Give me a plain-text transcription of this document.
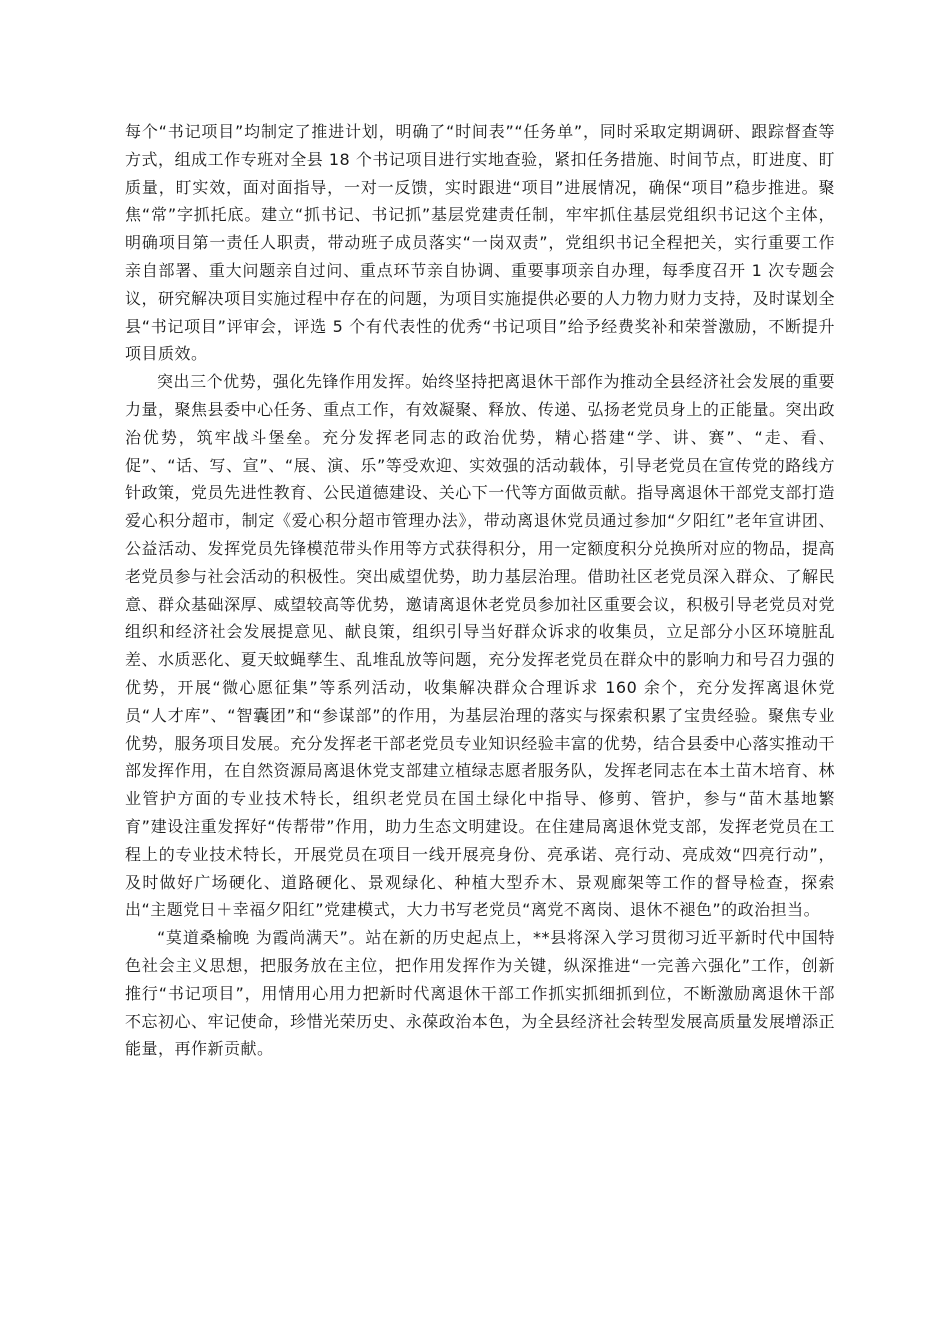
每个“书记项目”均制定了推进计划，明确了“时间表”“任务单”，同时采取定期调研、跟踪督查等方式，组成工作专班对全县 18 个书记项目进行实地查验，紧扣任务措施、时间节点，盯进度、盯质量，盯实效，面对面指导，一对一反馈，实时跟进“项目”进展情况，确保“项目”稳步推进。聚焦“常”字抓托底。建立“抓书记、书记抓”基层党建责任制，牢牢抓住基层党组织书记这个主体，明确项目第一责任人职责，带动班子成员落实“一岗双责”，党组织书记全程把关，实行重要工作亲自部署、重大问题亲自过问、重点环节亲自协调、重要事项亲自办理，每季度召开 1 次专题会议，研究解决项目实施过程中存在的问题，为项目实施提供必要的人力物力财力支持，及时谋划全县“书记项目”评审会，评选 5 个有代表性的优秀“书记项目”给予经费奖补和荣誉激励，不断提升项目质效。

突出三个优势，强化先锋作用发挥。始终坚持把离退休干部作为推动全县经济社会发展的重要力量，聚焦县委中心任务、重点工作，有效凝聚、释放、传递、弘扬老党员身上的正能量。突出政治优势，筑牢战斗堡垒。充分发挥老同志的政治优势，精心搭建“学、讲、赛”、“走、看、促”、“话、写、宣”、“展、演、乐”等受欢迎、实效强的活动载体，引导老党员在宣传党的路线方针政策，党员先进性教育、公民道德建设、关心下一代等方面做贡献。指导离退休干部党支部打造爱心积分超市，制定《爱心积分超市管理办法》，带动离退休党员通过参加“夕阳红”老年宣讲团、公益活动、发挥党员先锋模范带头作用等方式获得积分，用一定额度积分兑换所对应的物品，提高老党员参与社会活动的积极性。突出威望优势，助力基层治理。借助社区老党员深入群众、了解民意、群众基础深厚、威望较高等优势，邀请离退休老党员参加社区重要会议，积极引导老党员对党组织和经济社会发展提意见、献良策，组织引导当好群众诉求的收集员，立足部分小区环境脏乱差、水质恶化、夏天蚊蝇孳生、乱堆乱放等问题，充分发挥老党员在群众中的影响力和号召力强的优势，开展“微心愿征集”等系列活动，收集解决群众合理诉求 160 余个，充分发挥离退休党员“人才库”、“智囊团”和“参谋部”的作用，为基层治理的落实与探索积累了宝贵经验。聚焦专业优势，服务项目发展。充分发挥老干部老党员专业知识经验丰富的优势，结合县委中心落实推动干部发挥作用，在自然资源局离退休党支部建立植绿志愿者服务队，发挥老同志在本土苗木培育、林业管护方面的专业技术特长，组织老党员在国土绿化中指导、修剪、管护，参与“苗木基地繁育”建设注重发挥好“传帮带”作用，助力生态文明建设。在住建局离退休党支部，发挥老党员在工程上的专业技术特长，开展党员在项目一线开展亮身份、亮承诺、亮行动、亮成效“四亮行动”，及时做好广场硬化、道路硬化、景观绿化、种植大型乔木、景观廊架等工作的督导检查，探索出“主题党日＋幸福夕阳红”党建模式，大力书写老党员“离党不离岗、退休不褪色”的政治担当。

“莫道桑榆晚 为霞尚满天”。站在新的历史起点上，**县将深入学习贯彻习近平新时代中国特色社会主义思想，把服务放在主位，把作用发挥作为关键，纵深推进“一完善六强化”工作，创新推行“书记项目”，用情用心用力把新时代离退休干部工作抓实抓细抓到位，不断激励离退休干部不忘初心、牢记使命，珍惜光荣历史、永葆政治本色，为全县经济社会转型发展高质量发展增添正能量，再作新贡献。
